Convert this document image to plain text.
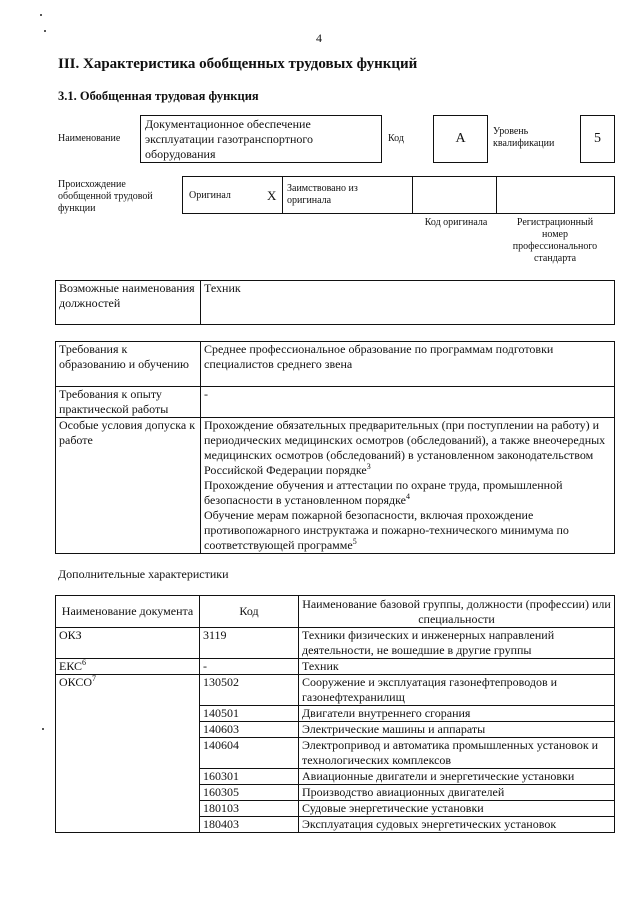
4
III. Характеристика обобщенных трудовых функций
3.1. Обобщенная трудовая функция
Наименование
Документационное обеспечение эксплуатации газотранспортного оборудования
Код	А	Уровень квалификации	5
Происхождение обобщенной трудовой функции
Оригинал	X Заимствовано из оригинала
Код оригинала	Регистрационный номер профессионального стандарта
Возможные наименования должностей	Техник
Требования к образованию и обучению	Среднее профессиональное образование по программам подготовки специалистов среднего звена
Требования к опыту практической работы	-
Особые условия допуска к работе	Прохождение обязательных предварительных (при поступлении на работу) и периодических медицинских осмотров (обследований), а также внеочередных медицинских осмотров (обследований) в установленном законодательством Российской Федерации порядке$^3$
Прохождение обучения и аттестации по охране труда, промышленной безопасности в установленном порядке$^4$
Обучение мерам пожарной безопасности, включая прохождение противопожарного инструктажа и пожарно-технического минимума по соответствующей программе$^5$
Дополнительные характеристики
Наименование документа	Код	Наименование базовой группы, должности (профессии) или специальности
ОКЗ	3119	Техники физических и инженерных направлений деятельности, не вошедшие в другие группы
ЕКС$^6$	-	Техник
ОКСО$^7$	130502	Сооружение и эксплуатация газонефтепроводов и газонефтехранилищ
	140501	Двигатели внутреннего сгорания
	140603	Электрические машины и аппараты
	140604	Электропривод и автоматика промышленных установок и технологических комплексов
	160301	Авиационные двигатели и энергетические установки
	160305	Производство авиационных двигателей
	180103	Судовые энергетические установки
	180403	Эксплуатация судовых энергетических установок
